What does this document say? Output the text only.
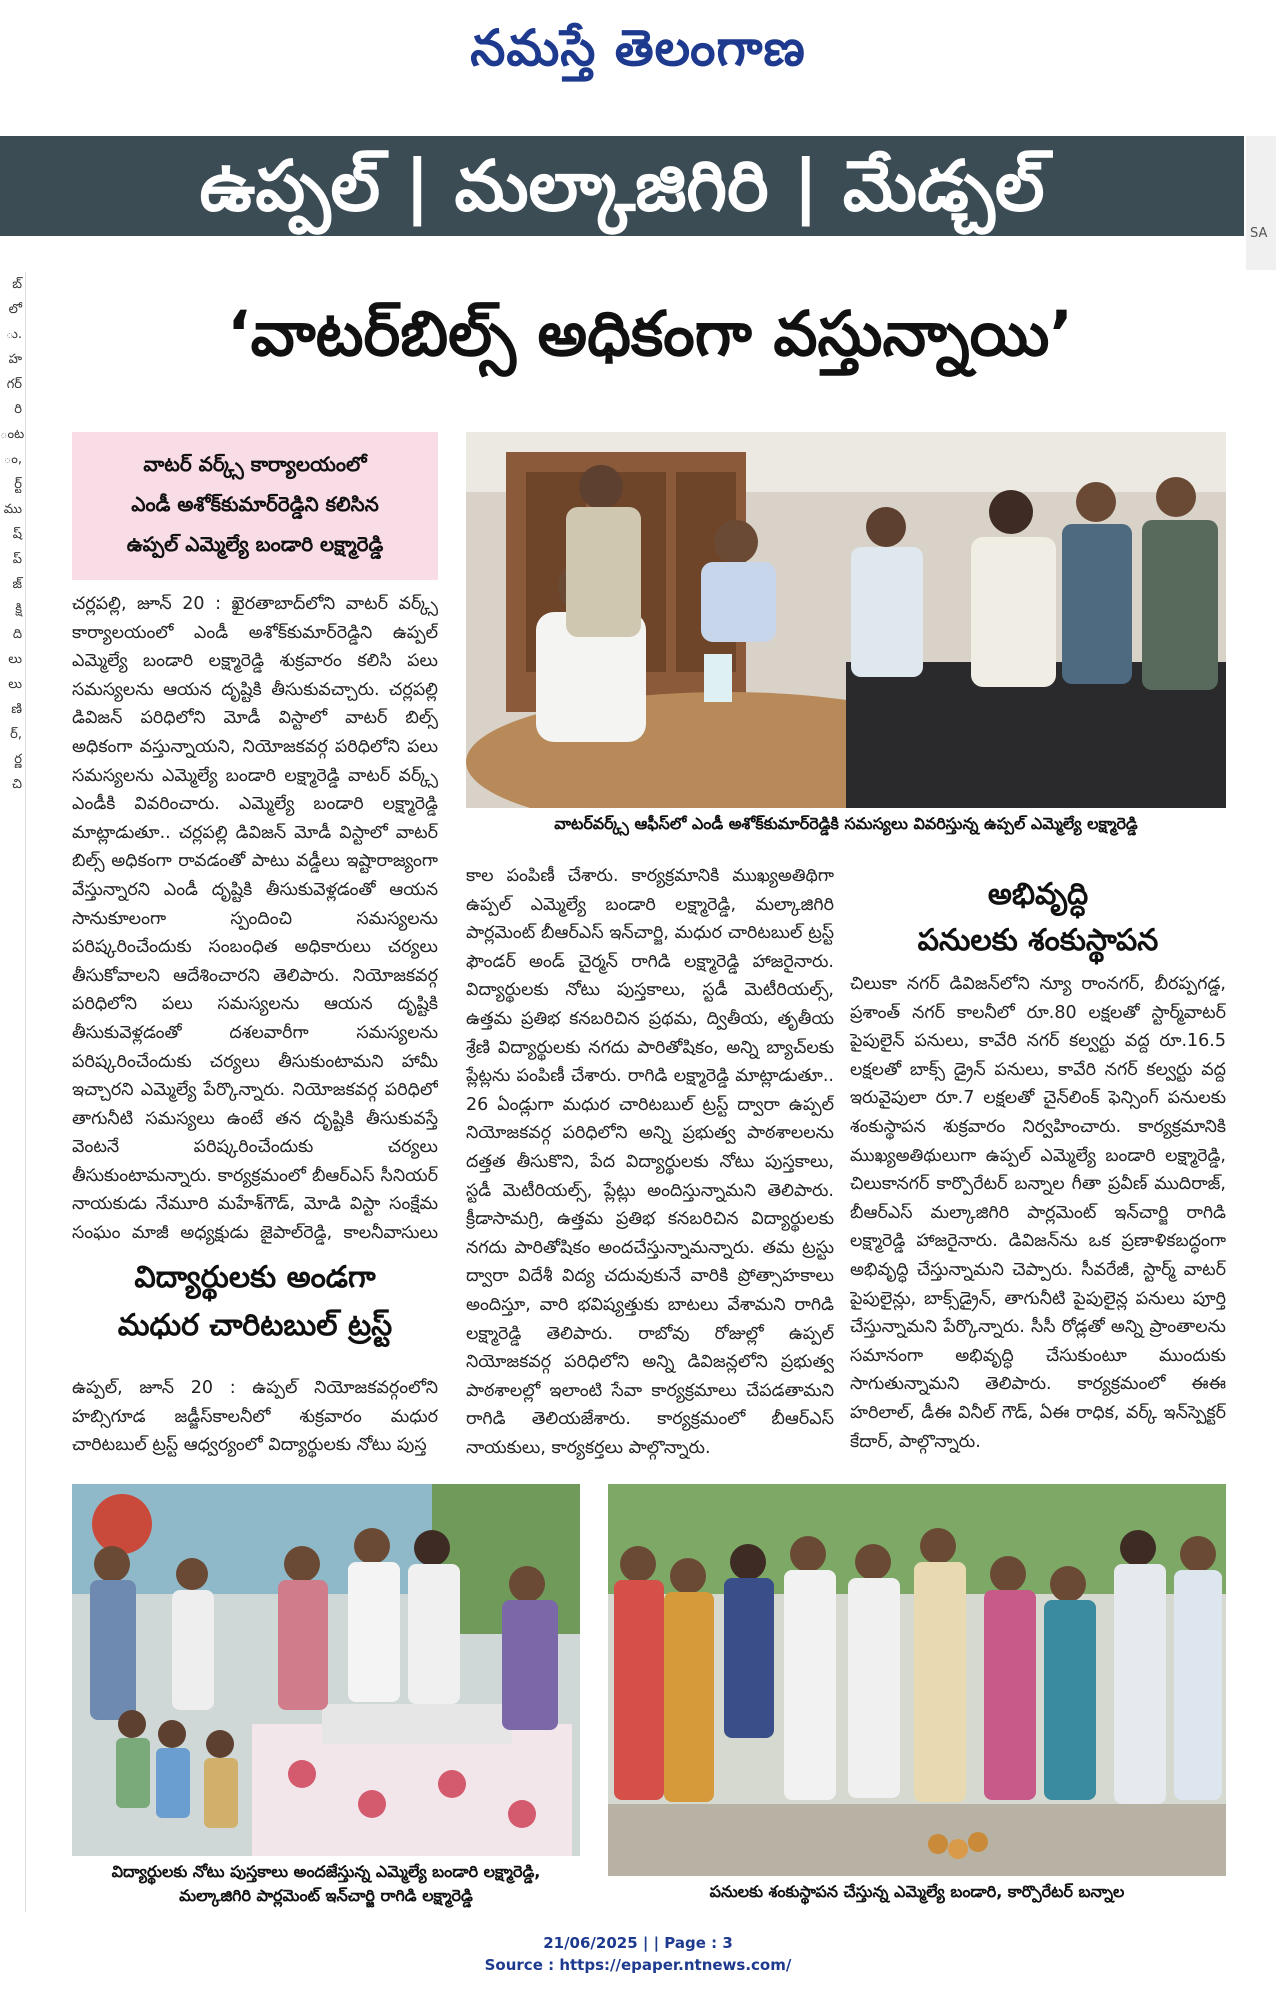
నమస్తే తెలంగాణ
ఉప్పల్ | మల్కాజిగిరి | మేడ్చల్
SA

బ్

లో

ు.

హ

గర్

రి

ంట

ం,

ర్ట్

ము

ష్

ప్

జ్

క్షి

ది

లు

లు

ణి

ర్,

ర్ణ

చి

‘వాటర్‌బిల్స్ అధికంగా వస్తున్నాయి’

వాటర్ వర్క్స్ కార్యాలయంలో

ఎండీ అశోక్‌కుమార్‌రెడ్డిని కలిసిన

ఉప్పల్ ఎమ్మెల్యే బండారి లక్ష్మారెడ్డి

చర్లపల్లి, జూన్ 20 : ఖైరతాబాద్‌లోని వాటర్ వర్క్స్ కార్యాలయంలో ఎండీ అశోక్‌కుమార్‌రెడ్డిని ఉప్పల్ ఎమ్మెల్యే బండారి లక్ష్మారెడ్డి శుక్రవారం కలిసి పలు సమస్యలను ఆయన దృష్టికి తీసుకువచ్చారు. చర్లపల్లి డివిజన్ పరిధిలోని మోడీ విస్టాలో వాటర్ బిల్స్ అధికంగా వస్తున్నాయని, నియోజకవర్గ పరిధిలోని పలు సమస్యలను ఎమ్మెల్యే బండారి లక్ష్మారెడ్డి వాటర్ వర్క్స్ ఎండీకి వివరించారు. ఎమ్మెల్యే బండారి లక్ష్మారెడ్డి మాట్లాడుతూ.. చర్లపల్లి డివిజన్ మోడీ విస్టాలో వాటర్ బిల్స్ అధికంగా రావడంతో పాటు వడ్డీలు ఇష్టారాజ్యంగా వేస్తున్నారని ఎండీ దృష్టికి తీసుకువెళ్లడంతో ఆయన సానుకూలంగా స్పందించి సమస్యలను పరిష్కరించేందుకు సంబంధిత అధికారులు చర్యలు తీసుకోవాలని ఆదేశించారని తెలిపారు. నియోజకవర్గ పరిధిలోని పలు సమస్యలను ఆయన దృష్టికి తీసుకువెళ్లడంతో దశలవారీగా సమస్యలను పరిష్కరించేందుకు చర్యలు తీసుకుంటామని హామీ ఇచ్చారని ఎమ్మెల్యే పేర్కొన్నారు. నియోజకవర్గ పరిధిలో తాగునీటి సమస్యలు ఉంటే తన దృష్టికి తీసుకువస్తే వెంటనే పరిష్కరించేందుకు చర్యలు తీసుకుంటామన్నారు. కార్యక్రమంలో బీఆర్‌ఎస్ సీనియర్ నాయకుడు నేమూరి మహేశ్‌గౌడ్, మోడి విస్టా సంక్షేమ సంఘం మాజీ అధ్యక్షుడు జైపాల్‌రెడ్డి, కాలనీవాసులు
వాటర్‌వర్క్స్ ఆఫీస్‌లో ఎండీ అశోక్‌కుమార్‌రెడ్డికి సమస్యలు వివరిస్తున్న ఉప్పల్ ఎమ్మెల్యే లక్ష్మారెడ్డి
విద్యార్థులకు అండగా
మధుర చారిటబుల్ ట్రస్ట్
ఉప్పల్, జూన్ 20 : ఉప్పల్ నియోజకవర్గంలోని హబ్సిగూడ జడ్జీస్‌కాలనీలో శుక్రవారం మధుర చారిటబుల్ ట్రస్ట్ ఆధ్వర్యంలో విద్యార్థులకు నోటు పుస్త
కాల పంపిణీ చేశారు. కార్యక్రమానికి ముఖ్యఅతిథిగా ఉప్పల్ ఎమ్మెల్యే బండారి లక్ష్మారెడ్డి, మల్కాజిగిరి పార్లమెంట్ బీఆర్‌ఎస్ ఇన్‌చార్జి, మధుర చారిటబుల్ ట్రస్ట్ ఫౌండర్ అండ్ చైర్మన్ రాగిడి లక్ష్మారెడ్డి హాజరైనారు. విద్యార్థులకు నోటు పుస్తకాలు, స్టడీ మెటీరియల్స్, ఉత్తమ ప్రతిభ కనబరిచిన ప్రథమ, ద్వితీయ, తృతీయ శ్రేణి విద్యార్థులకు నగదు పారితోషికం, అన్ని బ్యాచ్‌లకు ప్లేట్లను పంపిణీ చేశారు. రాగిడి లక్ష్మారెడ్డి మాట్లాడుతూ.. 26 ఏండ్లుగా మధుర చారిటబుల్ ట్రస్ట్ ద్వారా ఉప్పల్ నియోజకవర్గ పరిధిలోని అన్ని ప్రభుత్వ పాఠశాలలను దత్తత తీసుకొని, పేద విద్యార్థులకు నోటు పుస్తకాలు, స్టడీ మెటీరియల్స్, ప్లేట్లు అందిస్తున్నామని తెలిపారు. క్రీడాసామగ్రి, ఉత్తమ ప్రతిభ కనబరిచిన విద్యార్థులకు నగదు పారితోషికం అందచేస్తున్నామన్నారు. తమ ట్రస్టు ద్వారా విదేశీ విద్య చదువుకునే వారికి ప్రోత్సాహకాలు అందిస్తూ, వారి భవిష్యత్తుకు బాటలు వేశామని రాగిడి లక్ష్మారెడ్డి తెలిపారు. రాబోవు రోజుల్లో ఉప్పల్ నియోజకవర్గ పరిధిలోని అన్ని డివిజన్లలోని ప్రభుత్వ పాఠశాలల్లో ఇలాంటి సేవా కార్యక్రమాలు చేపడతామని రాగిడి తెలియజేశారు. కార్యక్రమంలో బీఆర్‌ఎస్ నాయకులు, కార్యకర్తలు పాల్గొన్నారు.
అభివృద్ధి
పనులకు శంకుస్థాపన
చిలుకా నగర్ డివిజన్‌లోని న్యూ రాంనగర్, బీరప్పగడ్డ, ప్రశాంత్ నగర్ కాలనీలో రూ.80 లక్షలతో స్టార్మ్‌వాటర్ పైపులైన్ పనులు, కావేరి నగర్ కల్వర్టు వద్ద రూ.16.5 లక్షలతో బాక్స్ డ్రైన్ పనులు, కావేరి నగర్ కల్వర్టు వద్ద ఇరువైపులా రూ.7 లక్షలతో చైన్‌లింక్ ఫెన్సింగ్ పనులకు శంకుస్థాపన శుక్రవారం నిర్వహించారు. కార్యక్రమానికి ముఖ్యఅతిథులుగా ఉప్పల్ ఎమ్మెల్యే బండారి లక్ష్మారెడ్డి, చిలుకానగర్ కార్పొరేటర్ బన్నాల గీతా ప్రవీణ్ ముదిరాజ్, బీఆర్‌ఎస్ మల్కాజిగిరి పార్లమెంట్ ఇన్‌చార్జి రాగిడి లక్ష్మారెడ్డి హాజరైనారు. డివిజన్‌ను ఒక ప్రణాళికబద్ధంగా అభివృద్ధి చేస్తున్నామని చెప్పారు. సీవరేజీ, స్టార్మ్ వాటర్ పైపులైన్లు, బాక్స్‌డ్రైన్, తాగునీటి పైపులైన్ల పనులు పూర్తి చేస్తున్నామని పేర్కొన్నారు. సీసీ రోడ్లతో అన్ని ప్రాంతాలను సమానంగా అభివృద్ధి చేసుకుంటూ ముందుకు సాగుతున్నామని తెలిపారు. కార్యక్రమంలో ఈఈ హరిలాల్, డీఈ వినీల్ గౌడ్, ఏఈ రాధిక, వర్క్ ఇన్‌స్పెక్టర్ కేదార్, పాల్గొన్నారు.
విద్యార్థులకు నోటు పుస్తకాలు అందజేస్తున్న ఎమ్మెల్యే బండారి లక్ష్మారెడ్డి,
మల్కాజిగిరి పార్లమెంట్ ఇన్‌చార్జి రాగిడి లక్ష్మారెడ్డి	పనులకు శంకుస్థాపన చేస్తున్న ఎమ్మెల్యే బండారి, కార్పొరేటర్ బన్నాల
21/06/2025 | | Page : 3
Source : https://epaper.ntnews.com/
